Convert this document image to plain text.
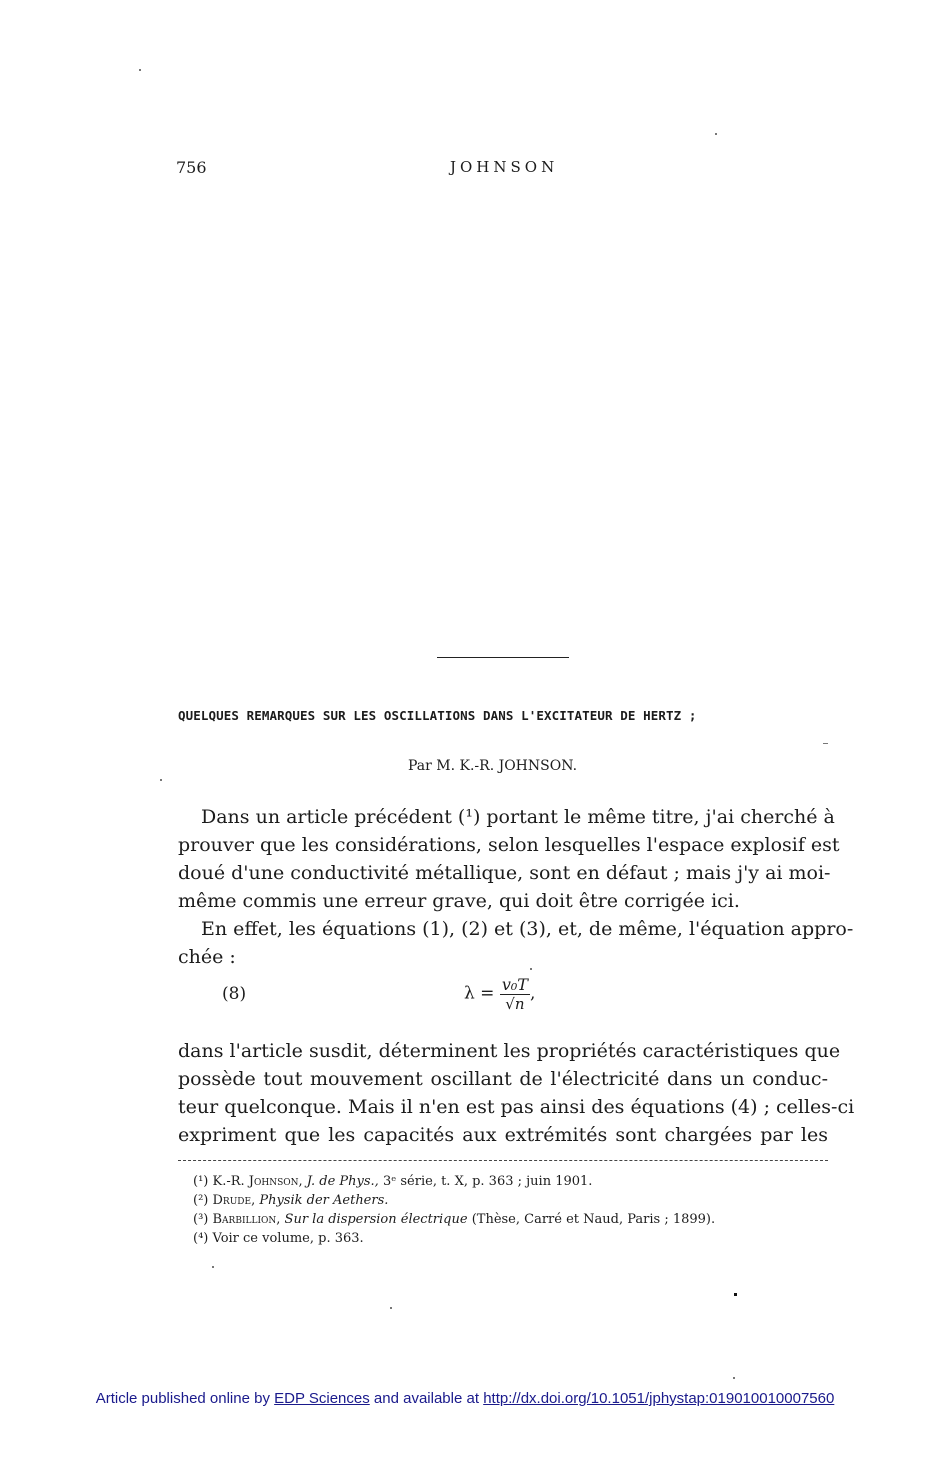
756	JOHNSON
QUELQUES REMARQUES SUR LES OSCILLATIONS DANS L'EXCITATEUR DE HERTZ ;
Par M. K.-R. JOHNSON.
Dans un article précédent (¹) portant le même titre, j'ai cherché à
prouver que les considérations, selon lesquelles l'espace explosif est
doué d'une conductivité métallique, sont en défaut ; mais j'y ai moi-
même commis une erreur grave, qui doit être corrigée ici.
En effet, les équations (1), (2) et (3), et, de même, l'équation appro-
chée :
(8)	$\lambda = \frac{\text{v₀T}}{√n}$ ,
dans l'article susdit, déterminent les propriétés caractéristiques que
possède tout mouvement oscillant de l'électricité dans un conduc-
teur quelconque. Mais il n'en est pas ainsi des équations (4) ; celles-ci
expriment que les capacités aux extrémités sont chargées par les
(¹) K.-R. Johnson, J. de Phys., 3ᵉ série, t. X, p. 363 ; juin 1901.
(²) Drude, Physik der Aethers.
(³) Barbillion, Sur la dispersion électrique (Thèse, Carré et Naud, Paris ; 1899).
(⁴) Voir ce volume, p. 363.
Article published online by EDP Sciences and available at http://dx.doi.org/10.1051/jphystap:019010010007560
